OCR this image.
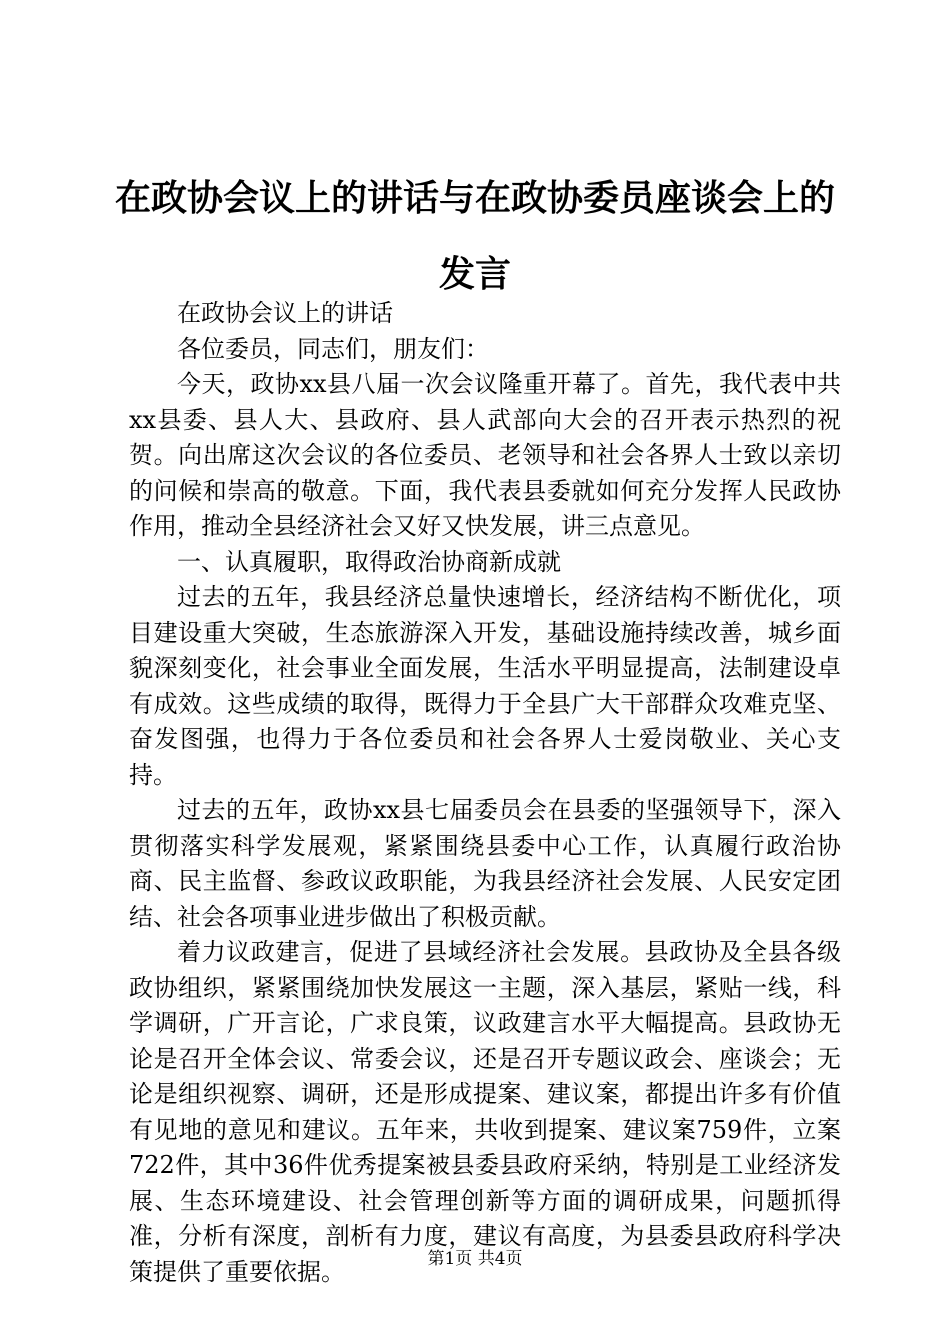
在政协会议上的讲话与在政协委员座谈会上的发言

在政协会议上的讲话

各位委员，同志们，朋友们：

今天，政协xx县八届一次会议隆重开幕了。首先，我代表中共xx县委、县人大、县政府、县人武部向大会的召开表示热烈的祝贺。向出席这次会议的各位委员、老领导和社会各界人士致以亲切的问候和崇高的敬意。下面，我代表县委就如何充分发挥人民政协作用，推动全县经济社会又好又快发展，讲三点意见。

一、认真履职，取得政治协商新成就

过去的五年，我县经济总量快速增长，经济结构不断优化，项目建设重大突破，生态旅游深入开发，基础设施持续改善，城乡面貌深刻变化，社会事业全面发展，生活水平明显提高，法制建设卓有成效。这些成绩的取得，既得力于全县广大干部群众攻难克坚、奋发图强，也得力于各位委员和社会各界人士爱岗敬业、关心支持。

过去的五年，政协xx县七届委员会在县委的坚强领导下，深入贯彻落实科学发展观，紧紧围绕县委中心工作，认真履行政治协商、民主监督、参政议政职能，为我县经济社会发展、人民安定团结、社会各项事业进步做出了积极贡献。

着力议政建言，促进了县域经济社会发展。县政协及全县各级政协组织，紧紧围绕加快发展这一主题，深入基层，紧贴一线，科学调研，广开言论，广求良策，议政建言水平大幅提高。县政协无论是召开全体会议、常委会议，还是召开专题议政会、座谈会；无论是组织视察、调研，还是形成提案、建议案，都提出许多有价值有见地的意见和建议。五年来，共收到提案、建议案759件，立案722件，其中36件优秀提案被县委县政府采纳，特别是工业经济发展、生态环境建设、社会管理创新等方面的调研成果，问题抓得准，分析有深度，剖析有力度，建议有高度，为县委县政府科学决策提供了重要依据。	第1页 共4页
